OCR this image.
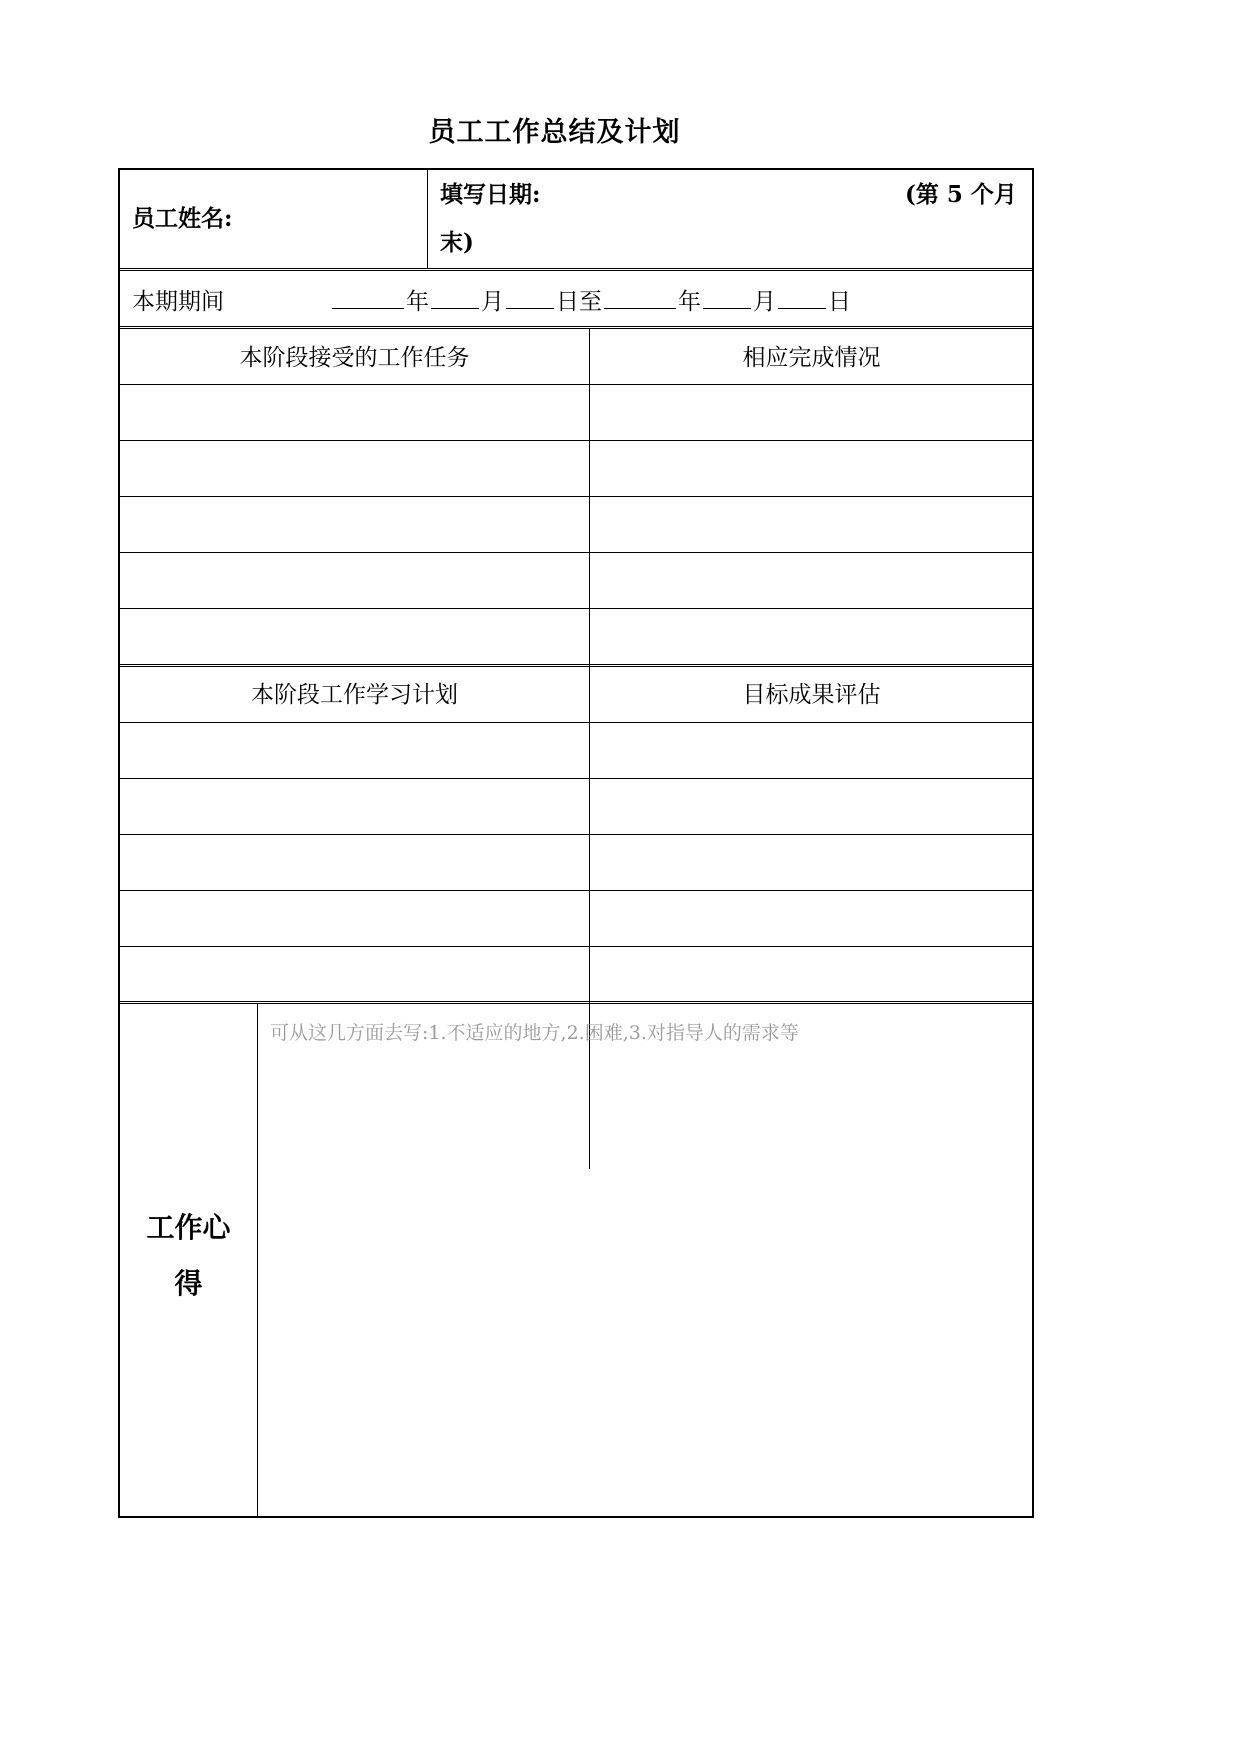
员工工作总结及计划
员工姓名:
填写日期:	(第 5 个月
末)
本期期间	年 月 日至	年 月 日
本阶段接受的工作任务	相应完成情况
本阶段工作学习计划	目标成果评估
工作心
得
可从这几方面去写:1.不适应的地方,2.困难,3.对指导人的需求等
